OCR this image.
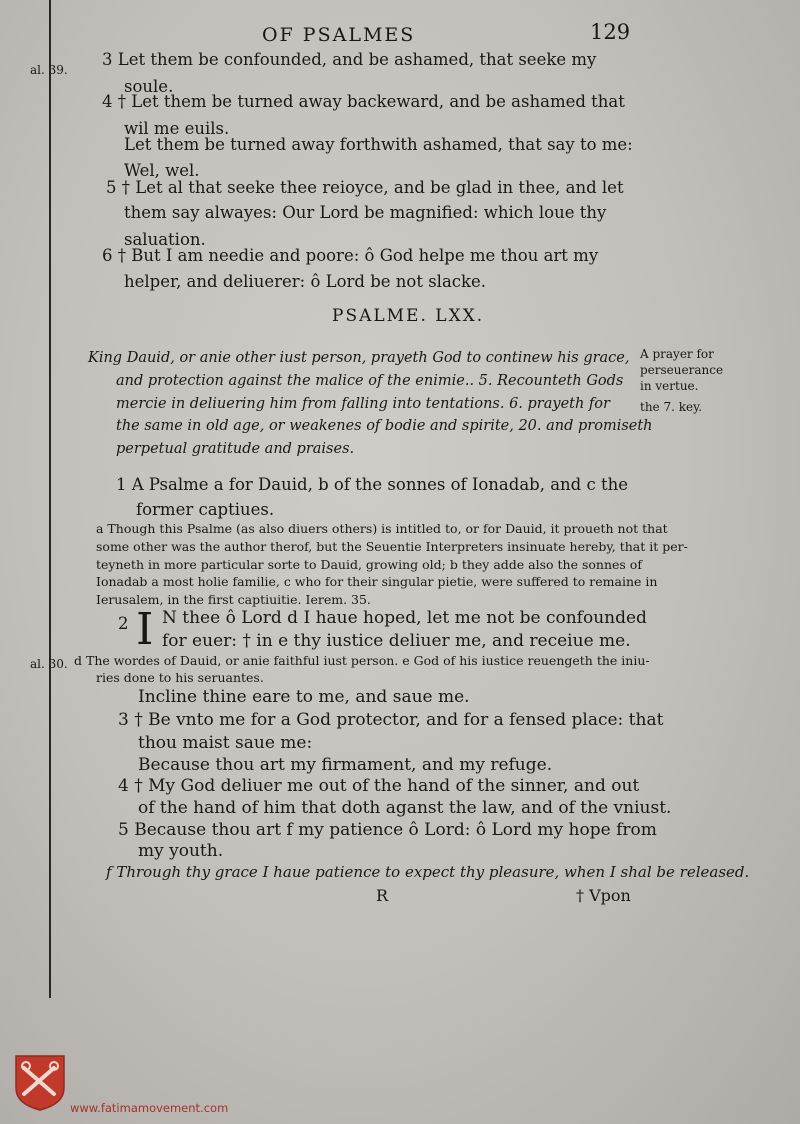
OF PSALMES	129
al. 39.
3 Let them be confounded, and be ashamed, that seeke my
soule.
4 † Let them be turned away backeward, and be ashamed that
wil me euils.
Let them be turned away forthwith ashamed, that say to me:
Wel, wel.
5 † Let al that seeke thee reioyce, and be glad in thee, and let
them say alwayes: Our Lord be magnified: which loue thy
saluation.
6 † But I am needie and poore: ô God helpe me thou art my
helper, and deliuerer: ô Lord be not slacke.
PSALME. LXX.
King Dauid, or anie other iust person, prayeth God to continew his grace,
and protection against the malice of the enimie.. 5. Recounteth Gods
mercie in deliuering him from falling into tentations. 6. prayeth for
the same in old age, or weakenes of bodie and spirite, 20. and promiseth
perpetual gratitude and praises.
A prayer for
perseuerance
in vertue.
the 7. key.
1 A Psalme a for Dauid, b of the sonnes of Ionadab, and c the
former captiues.
a Though this Psalme (as also diuers others) is intitled to, or for Dauid, it proueth not that
some other was the author therof, but the Seuentie Interpreters insinuate hereby, that it per-
teyneth in more particular sorte to Dauid, growing old; b they adde also the sonnes of
Ionadab a most holie familie, c who for their singular pietie, were suffered to remaine in
Ierusalem, in the first captiuitie. Ierem. 35.
2 I N thee ô Lord d I haue hoped, let me not be confounded
for euer: † in e thy iustice deliuer me, and receiue me.
al. 30. d The wordes of Dauid, or anie faithful iust person. e God of his iustice reuengeth the iniu-
ries done to his seruantes.
Incline thine eare to me, and saue me.
3 † Be vnto me for a God protector, and for a fensed place: that
thou maist saue me:
Because thou art my firmament, and my refuge.
4 † My God deliuer me out of the hand of the sinner, and out
of the hand of him that doth aganst the law, and of the vniust.
5 Because thou art f my patience ô Lord: ô Lord my hope from
my youth.
f Through thy grace I haue patience to expect thy pleasure, when I shal be released.
R	† Vpon
www.fatimamovement.com
